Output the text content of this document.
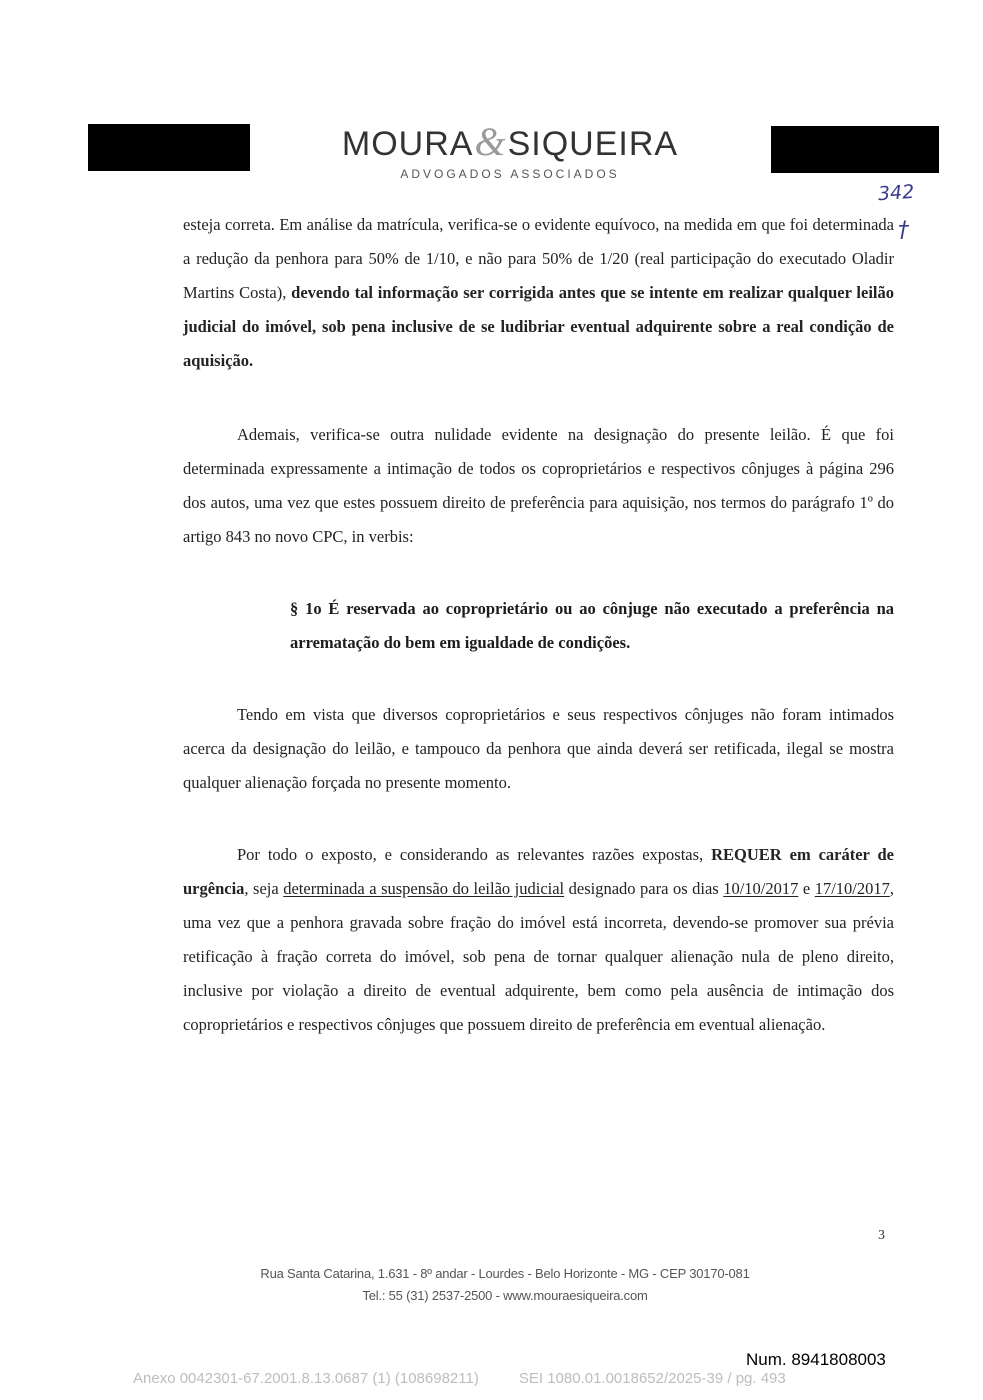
MOURA&SIQUEIRA
ADVOGADOS ASSOCIADOS
342
†

esteja correta. Em análise da matrícula, verifica-se o evidente equívoco, na medida em que foi determinada a redução da penhora para 50% de 1/10, e não para 50% de 1/20 (real participação do executado Oladir Martins Costa), devendo tal informação ser corrigida antes que se intente em realizar qualquer leilão judicial do imóvel, sob pena inclusive de se ludibriar eventual adquirente sobre a real condição de aquisição.

Ademais, verifica-se outra nulidade evidente na designação do presente leilão. É que foi determinada expressamente a intimação de todos os coproprietários e respectivos cônjuges à página 296 dos autos, uma vez que estes possuem direito de preferência para aquisição, nos termos do parágrafo 1º do artigo 843 no novo CPC, in verbis:

§ 1o É reservada ao coproprietário ou ao cônjuge não executado a preferência na arrematação do bem em igualdade de condições.

Tendo em vista que diversos coproprietários e seus respectivos cônjuges não foram intimados acerca da designação do leilão, e tampouco da penhora que ainda deverá ser retificada, ilegal se mostra qualquer alienação forçada no presente momento.

Por todo o exposto, e considerando as relevantes razões expostas, REQUER em caráter de urgência, seja determinada a suspensão do leilão judicial designado para os dias 10/10/2017 e 17/10/2017, uma vez que a penhora gravada sobre fração do imóvel está incorreta, devendo-se promover sua prévia retificação à fração correta do imóvel, sob pena de tornar qualquer alienação nula de pleno direito, inclusive por violação a direito de eventual adquirente, bem como pela ausência de intimação dos coproprietários e respectivos cônjuges que possuem direito de preferência em eventual alienação.

3
Rua Santa Catarina, 1.631 - 8º andar - Lourdes - Belo Horizonte - MG - CEP 30170-081
Tel.: 55 (31) 2537-2500 - www.mouraesiqueira.com
Num. 8941808003
Anexo 0042301-67.2001.8.13.0687 (1) (108698211)	SEI 1080.01.0018652/2025-39 / pg. 493
